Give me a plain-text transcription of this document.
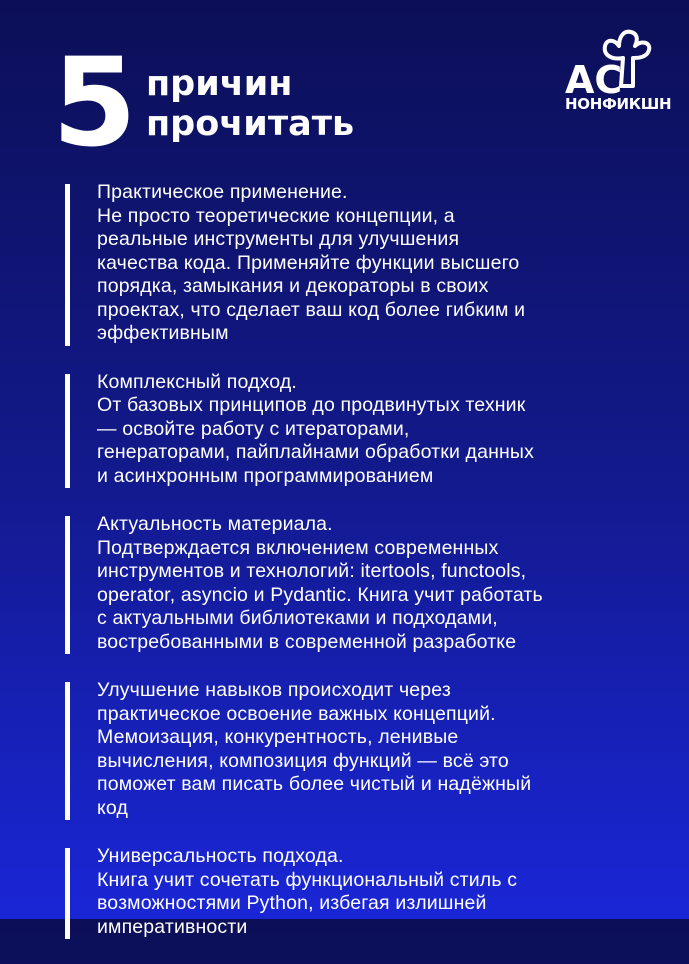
5 причин
прочитать
АС
НОНФИКШН

Практическое применение.
Не просто теоретические концепции, а
реальные инструменты для улучшения
качества кода. Применяйте функции высшего
порядка, замыкания и декораторы в своих
проектах, что сделает ваш код более гибким и
эффективным

Комплексный подход.
От базовых принципов до продвинутых техник
— освойте работу с итераторами,
генераторами, пайплайнами обработки данных
и асинхронным программированием

Актуальность материала.
Подтверждается включением современных
инструментов и технологий: itertools, functools,
operator, asyncio и Pydantic. Книга учит работать
с актуальными библиотеками и подходами,
востребованными в современной разработке

Улучшение навыков происходит через
практическое освоение важных концепций.
Мемоизация, конкурентность, ленивые
вычисления, композиция функций — всё это
поможет вам писать более чистый и надёжный
код

Универсальность подхода.
Книга учит сочетать функциональный стиль с
возможностями Python, избегая излишней
императивности
